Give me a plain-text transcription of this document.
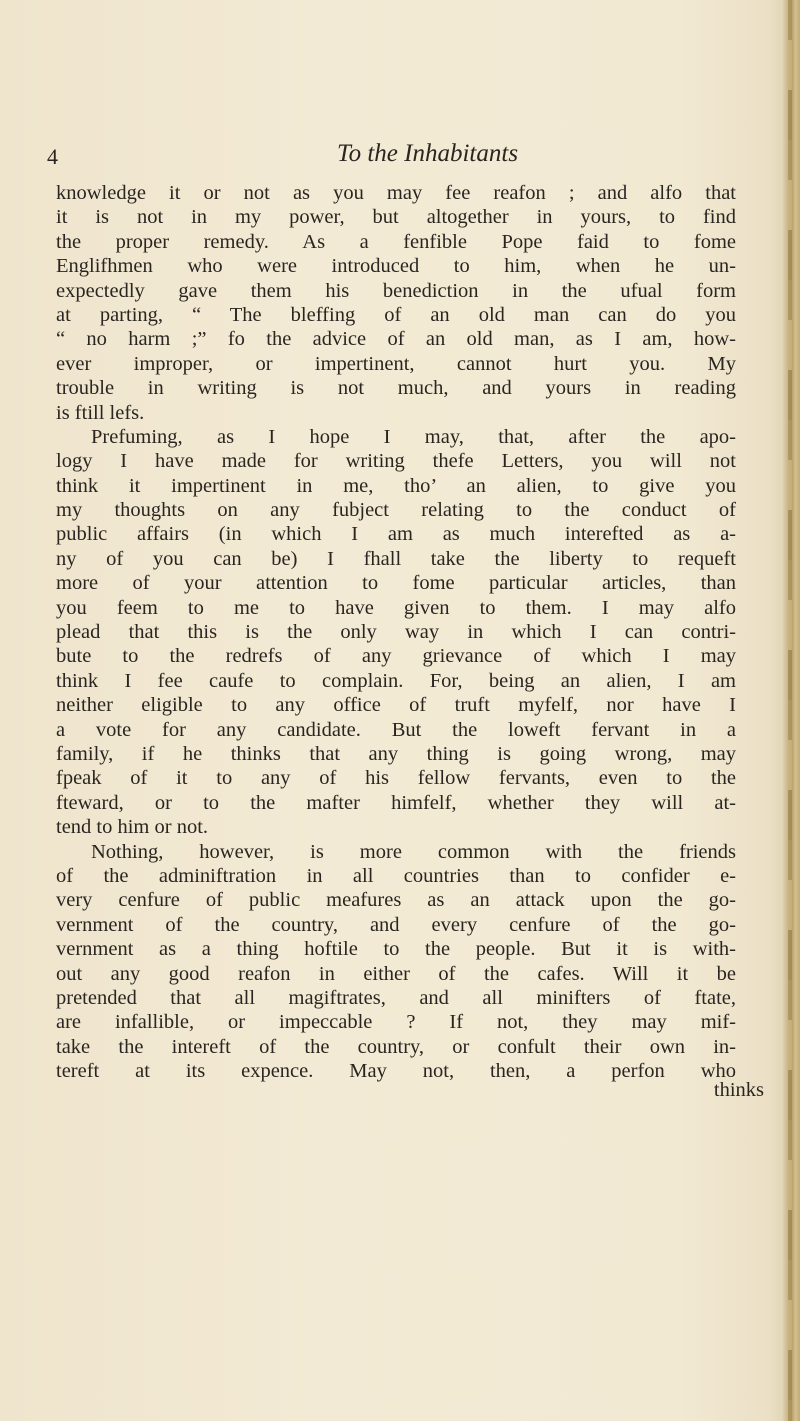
4	To the Inhabitants
knowledge it or not as you may fee reafon ; and alfo that
it is not in my power, but altogether in yours, to find
the proper remedy. As a fenfible Pope faid to fome
Englifhmen who were introduced to him, when he un-
expectedly gave them his benediction in the ufual form
at parting, “ The bleffing of an old man can do you
“ no harm ;” fo the advice of an old man, as I am, how-
ever improper, or impertinent, cannot hurt you. My
trouble in writing is not much, and yours in reading
is ftill lefs.
Prefuming, as I hope I may, that, after the apo-
logy I have made for writing thefe Letters, you will not
think it impertinent in me, tho’ an alien, to give you
my thoughts on any fubject relating to the conduct of
public affairs (in which I am as much interefted as a-
ny of you can be) I fhall take the liberty to requeft
more of your attention to fome particular articles, than
you feem to me to have given to them. I may alfo
plead that this is the only way in which I can contri-
bute to the redrefs of any grievance of which I may
think I fee caufe to complain. For, being an alien, I am
neither eligible to any office of truft myfelf, nor have I
a vote for any candidate. But the loweft fervant in a
family, if he thinks that any thing is going wrong, may
fpeak of it to any of his fellow fervants, even to the
fteward, or to the mafter himfelf, whether they will at-
tend to him or not.
Nothing, however, is more common with the friends
of the adminiftration in all countries than to confider e-
very cenfure of public meafures as an attack upon the go-
vernment of the country, and every cenfure of the go-
vernment as a thing hoftile to the people. But it is with-
out any good reafon in either of the cafes. Will it be
pretended that all magiftrates, and all minifters of ftate,
are infallible, or impeccable ? If not, they may mif-
take the intereft of the country, or confult their own in-
tereft at its expence. May not, then, a perfon who
thinks
